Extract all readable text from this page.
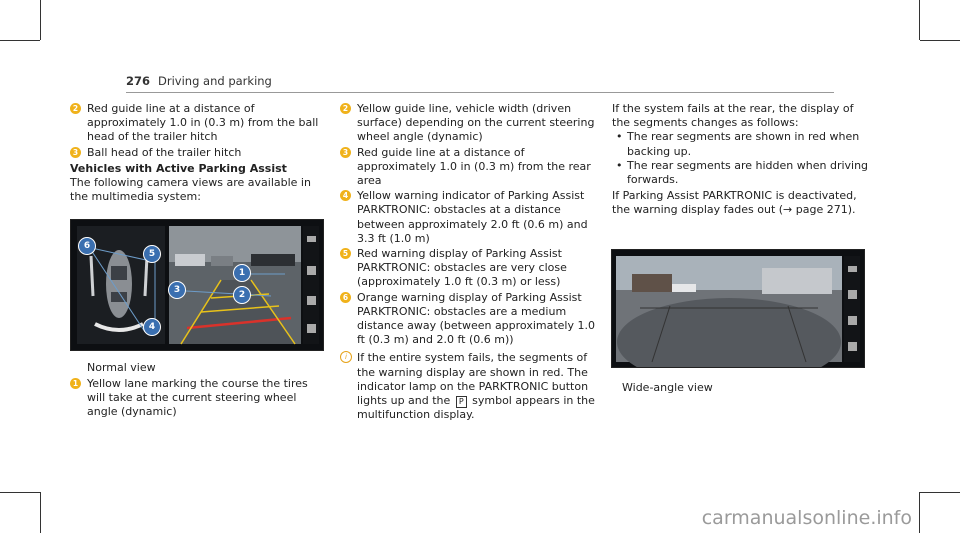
276 Driving and parking
2 Red guide line at a distance of approximately 1.0 in (0.3 m) from the ball head of the trailer hitch
3 Ball head of the trailer hitch
Vehicles with Active Parking Assist
The following camera views are available in the multimedia system:
6
5
4
1
2
3
Normal view
1 Yellow lane marking the course the tires will take at the current steering wheel angle (dynamic)
2 Yellow guide line, vehicle width (driven surface) depending on the current steering wheel angle (dynamic)
3 Red guide line at a distance of approximately 1.0 in (0.3 m) from the rear area
4 Yellow warning indicator of Parking Assist PARKTRONIC: obstacles at a distance between approximately 2.0 ft (0.6 m) and 3.3 ft (1.0 m)
5 Red warning display of Parking Assist PARKTRONIC: obstacles are very close (approximately 1.0 ft (0.3 m) or less)
6 Orange warning display of Parking Assist PARKTRONIC: obstacles are a medium distance away (between approximately 1.0 ft (0.3 m) and 2.0 ft (0.6 m))
i If the entire system fails, the segments of the warning display are shown in red. The indicator lamp on the PARKTRONIC button lights up and the P symbol appears in the multifunction display.
If the system fails at the rear, the display of the segments changes as follows:
• The rear segments are shown in red when backing up.
• The rear segments are hidden when driving forwards.
If Parking Assist PARKTRONIC is deactivated, the warning display fades out (→ page 271).
Wide-angle view
carmanualsonline.info
